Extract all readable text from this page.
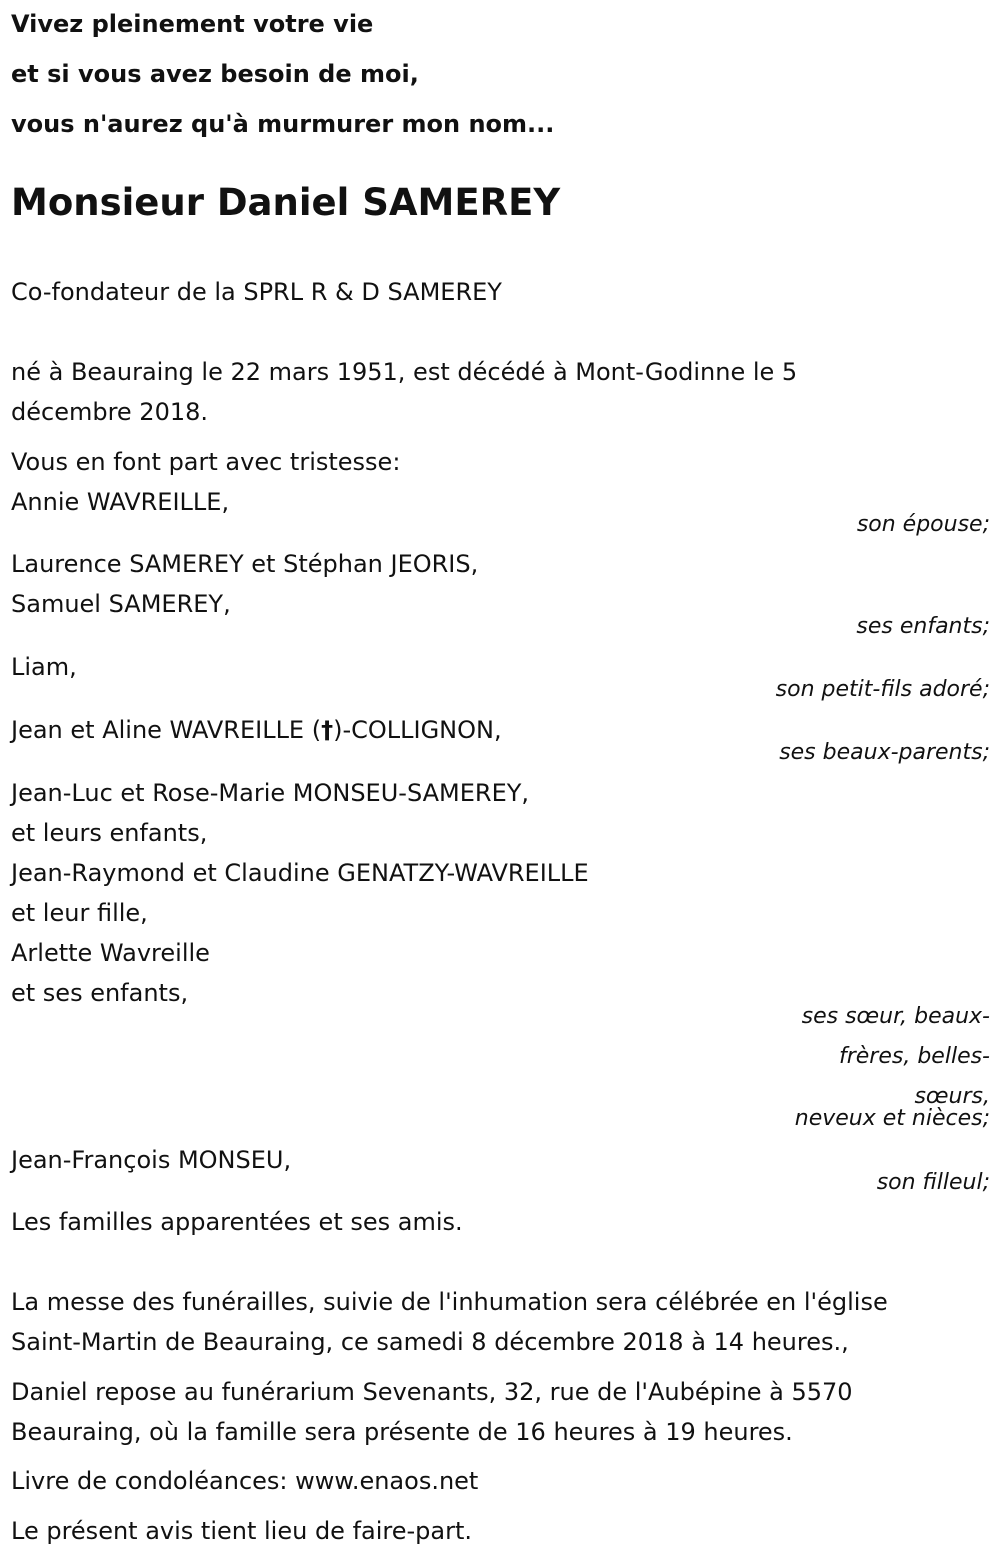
Vivez pleinement votre vie
et si vous avez besoin de moi,
vous n'aurez qu'à murmurer mon nom...
Monsieur Daniel SAMEREY
Co-fondateur de la SPRL R & D SAMEREY
né à Beauraing le 22 mars 1951, est décédé à Mont-Godinne le 5
décembre 2018.
Vous en font part avec tristesse:
Annie WAVREILLE,
son épouse;
Laurence SAMEREY et Stéphan JEORIS,
Samuel SAMEREY,
ses enfants;
Liam,
son petit-fils adoré;
Jean et Aline WAVREILLE (†)-COLLIGNON,
ses beaux-parents;
Jean-Luc et Rose-Marie MONSEU-SAMEREY,
et leurs enfants,
Jean-Raymond et Claudine GENATZY-WAVREILLE
et leur fille,
Arlette Wavreille
et ses enfants,
ses sœur, beaux-
frères, belles-
sœurs,
neveux et nièces;
Jean-François MONSEU,
son filleul;
Les familles apparentées et ses amis.
La messe des funérailles, suivie de l'inhumation sera célébrée en l'église
Saint-Martin de Beauraing, ce samedi 8 décembre 2018 à 14 heures.,
Daniel repose au funérarium Sevenants, 32, rue de l'Aubépine à 5570
Beauraing, où la famille sera présente de 16 heures à 19 heures.
Livre de condoléances: www.enaos.net
Le présent avis tient lieu de faire-part.
